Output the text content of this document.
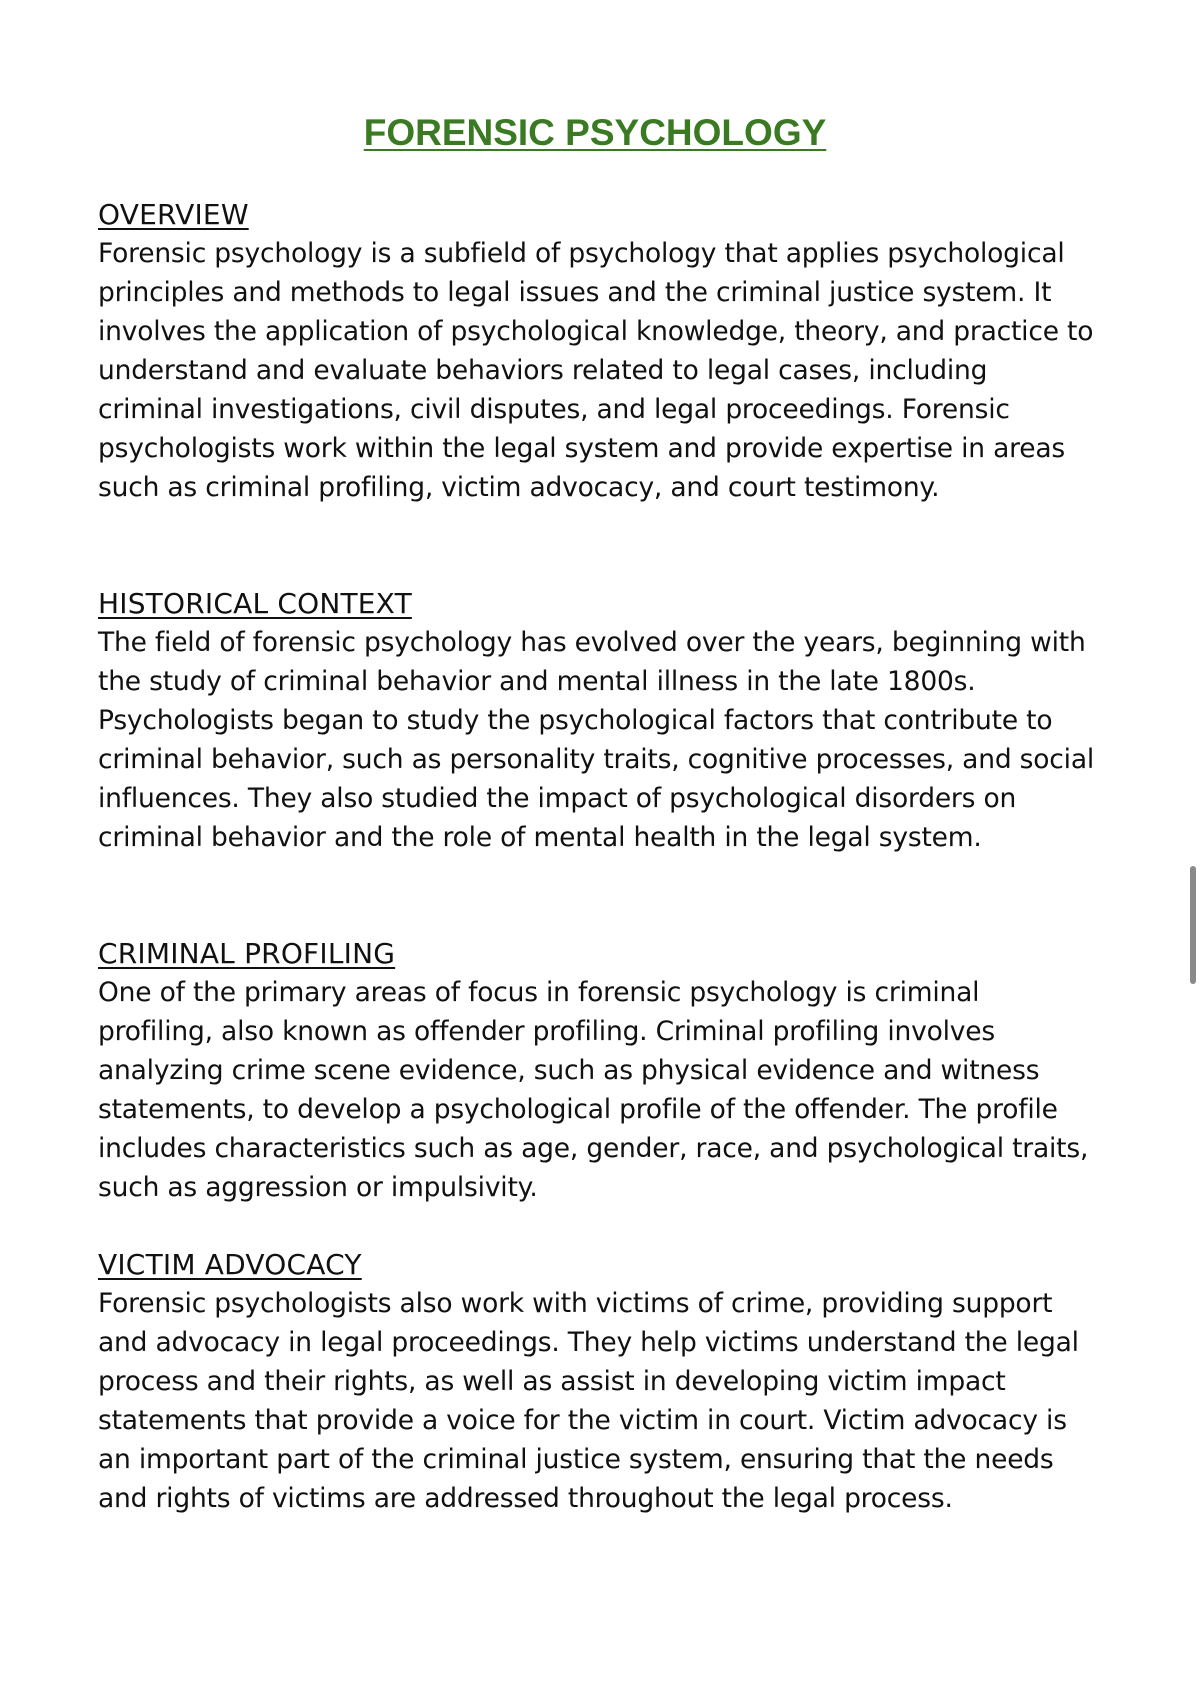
FORENSIC PSYCHOLOGY
OVERVIEW

Forensic psychology is a subfield of psychology that applies psychological principles and methods to legal issues and the criminal justice system. It involves the application of psychological knowledge, theory, and practice to understand and evaluate behaviors related to legal cases, including criminal investigations, civil disputes, and legal proceedings. Forensic psychologists work within the legal system and provide expertise in areas such as criminal profiling, victim advocacy, and court testimony.

HISTORICAL CONTEXT

The field of forensic psychology has evolved over the years, beginning with the study of criminal behavior and mental illness in the late 1800s. Psychologists began to study the psychological factors that contribute to criminal behavior, such as personality traits, cognitive processes, and social influences. They also studied the impact of psychological disorders on criminal behavior and the role of mental health in the legal system.

CRIMINAL PROFILING

One of the primary areas of focus in forensic psychology is criminal profiling, also known as offender profiling. Criminal profiling involves analyzing crime scene evidence, such as physical evidence and witness statements, to develop a psychological profile of the offender. The profile includes characteristics such as age, gender, race, and psychological traits, such as aggression or impulsivity.

VICTIM ADVOCACY

Forensic psychologists also work with victims of crime, providing support and advocacy in legal proceedings. They help victims understand the legal process and their rights, as well as assist in developing victim impact statements that provide a voice for the victim in court. Victim advocacy is an important part of the criminal justice system, ensuring that the needs and rights of victims are addressed throughout the legal process.
